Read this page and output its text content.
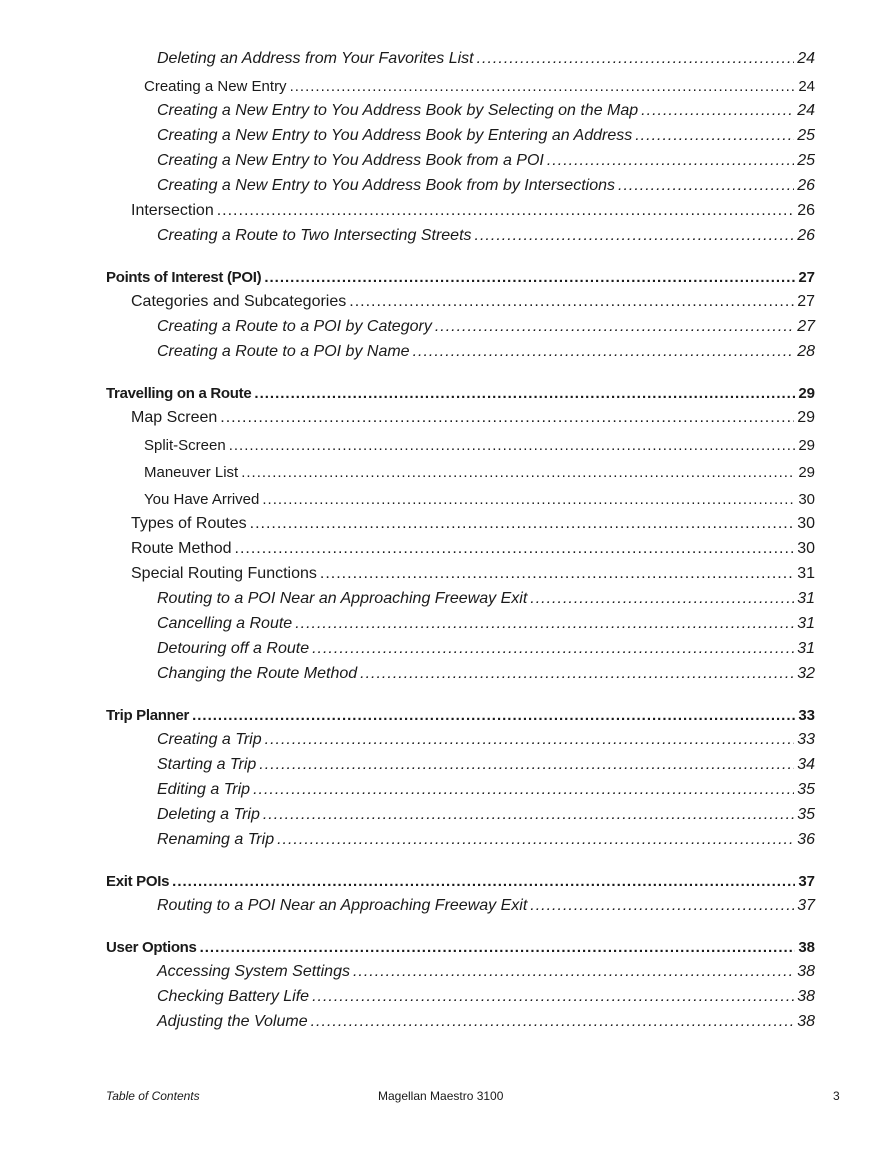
Deleting an Address from Your Favorites List .....	24
Creating a New Entry .....	24
Creating a New Entry to You Address Book by Selecting on the Map .....	24
Creating a New Entry to You Address Book by Entering an Address .....	25
Creating a New Entry to You Address Book from a POI .....	25
Creating a New Entry to You Address Book from by Intersections .....	26
Intersection .....	26
Creating a Route to Two Intersecting Streets .....	26
Points of Interest (POI) .....	27
Categories and Subcategories .....	27
Creating a Route to a POI by Category .....	27
Creating a Route to a POI by Name .....	28
Travelling on a Route .....	29
Map Screen .....	29
Split-Screen .....	29
Maneuver List .....	29
You Have Arrived .....	30
Types of Routes .....	30
Route Method .....	30
Special Routing Functions .....	31
Routing to a POI Near an Approaching Freeway Exit .....	31
Cancelling a Route .....	31
Detouring off a Route .....	31
Changing the Route Method .....	32
Trip Planner .....	33
Creating a Trip .....	33
Starting a Trip .....	34
Editing a Trip .....	35
Deleting a Trip .....	35
Renaming a Trip .....	36
Exit POIs .....	37
Routing to a POI Near an Approaching Freeway Exit .....	37
User Options .....	38
Accessing System Settings .....	38
Checking Battery Life .....	38
Adjusting the Volume .....	38
Table of Contents	Magellan Maestro 3100	3
